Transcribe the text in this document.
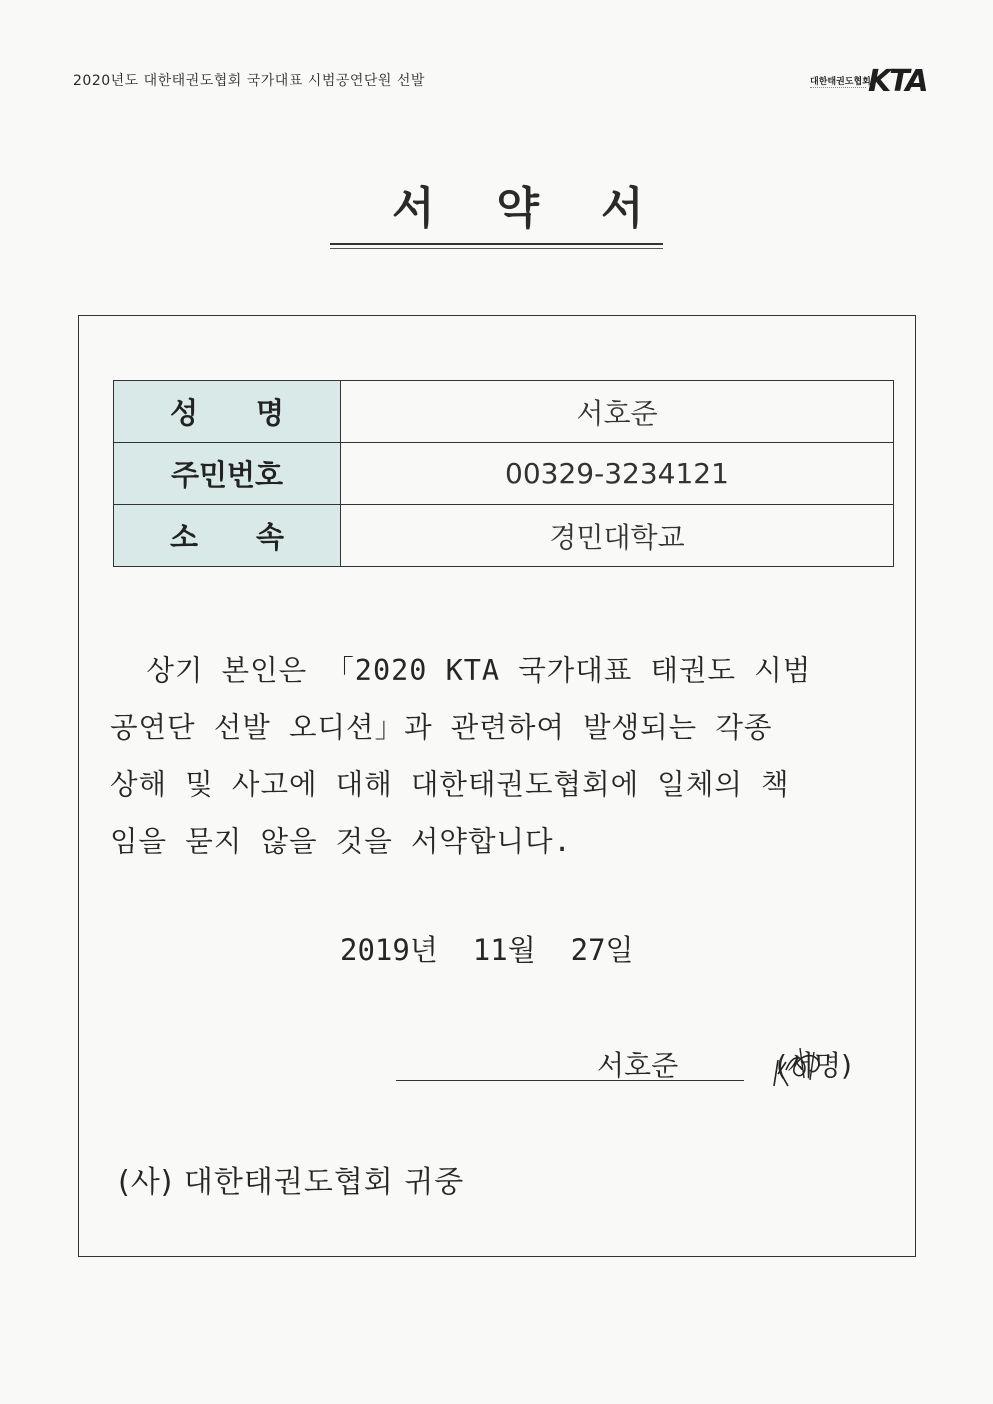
2020년도 대한태권도협회 국가대표 시범공연단원 선발	대한태권도협회
KTA
서약서
성명	서호준
주민번호	00329-3234121
소속	경민대학교
상기 본인은 「2020 KTA 국가대표 태권도 시범
공연단 선발 오디션」과 관련하여 발생되는 각종
상해 및 사고에 대해 대한태권도협회에 일체의 책
임을 묻지 않을 것을 서약합니다.
2019년  11월  27일
서호준	(서명)
(사) 대한태권도협회 귀중
